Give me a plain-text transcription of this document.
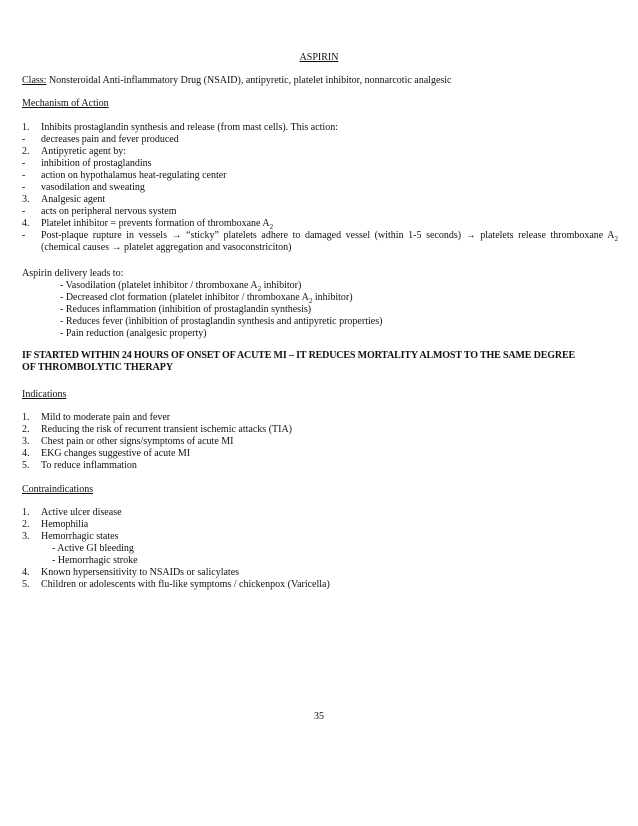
ASPIRIN
Class: Nonsteroidal Anti-inflammatory Drug (NSAID), antipyretic, platelet inhibitor, nonnarcotic analgesic
Mechanism of Action
1. Inhibits prostaglandin synthesis and release (from mast cells). This action:
- decreases pain and fever produced
2. Antipyretic agent by:
- inhibition of prostaglandins
- action on hypothalamus heat-regulating center
- vasodilation and sweating
3. Analgesic agent
- acts on peripheral nervous system
4. Platelet inhibitor = prevents formation of thromboxane $A_2$
- Post-plaque rupture in vessels → “sticky” platelets adhere to damaged vessel (within 1-5 seconds) → platelets release thromboxane $A_2$
(chemical causes → platelet aggregation and vasoconstriciton)
Aspirin delivery leads to:
- Vasodilation (platelet inhibitor / thromboxane $A_2$ inhibitor)
- Decreased clot formation (platelet inhibitor / thromboxane $A_2$ inhibitor)
- Reduces inflammation (inhibition of prostaglandin synthesis)
- Reduces fever (inhibition of prostaglandin synthesis and antipyretic properties)
- Pain reduction (analgesic property)
IF STARTED WITHIN 24 HOURS OF ONSET OF ACUTE MI – IT REDUCES MORTALITY ALMOST TO THE SAME DEGREE
OF THROMBOLYTIC THERAPY
Indications
1. Mild to moderate pain and fever
2. Reducing the risk of recurrent transient ischemic attacks (TIA)
3. Chest pain or other signs/symptoms of acute MI
4. EKG changes suggestive of acute MI
5. To reduce inflammation
Contraindications
1. Active ulcer disease
2. Hemophilia
3. Hemorrhagic states
- Active GI bleeding
- Hemorrhagic stroke
4. Known hypersensitivity to NSAIDs or salicylates
5. Children or adolescents with flu-like symptoms / chickenpox (Varicella)
35
